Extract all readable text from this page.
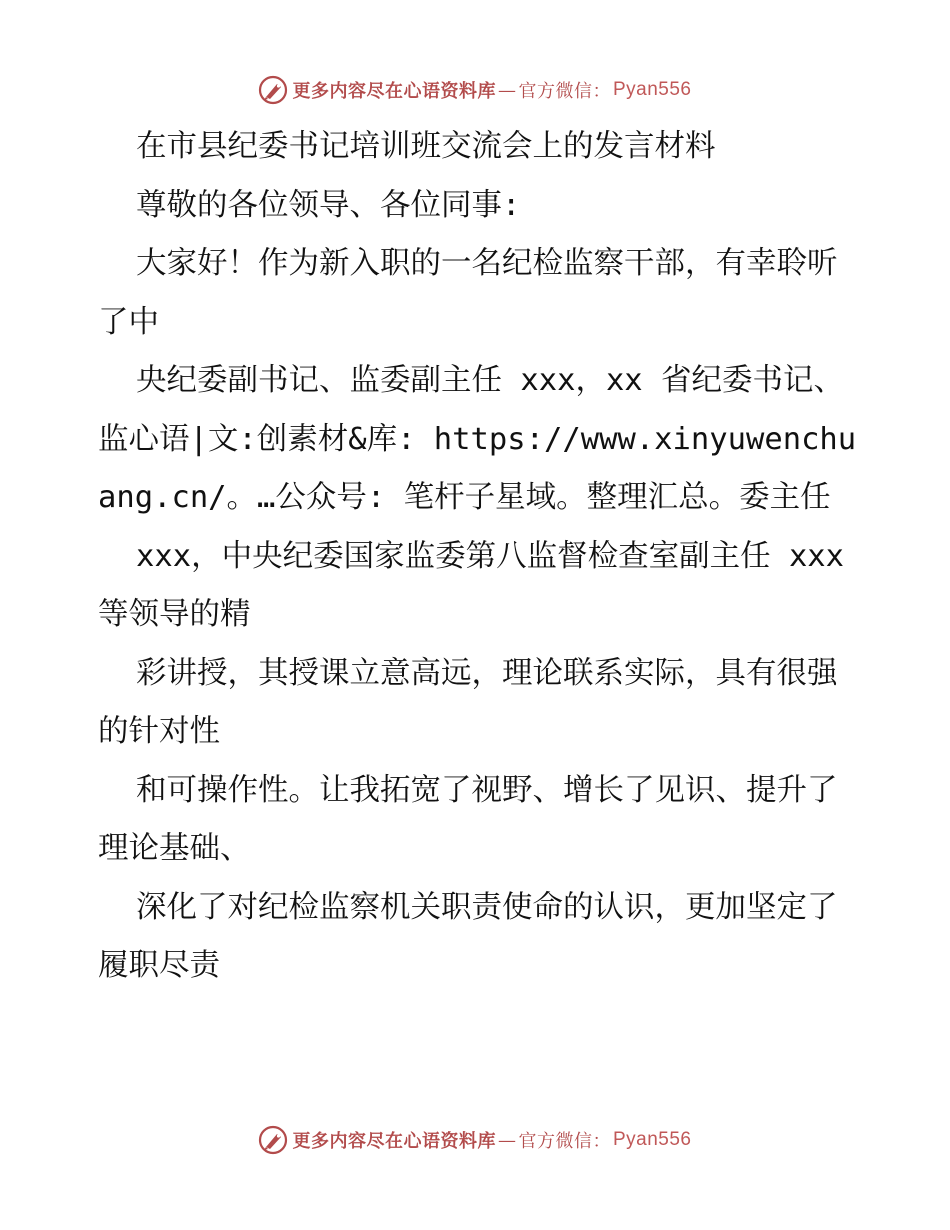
更多内容尽在心语资料库 — 官方微信： Pyan556

在市县纪委书记培训班交流会上的发言材料

尊敬的各位领导、各位同事:

大家好！作为新入职的一名纪检监察干部，有幸聆听了中

央纪委副书记、监委副主任 xxx，xx 省纪委书记、监心语|文:创素材&库: https://www.xinyuwenchuang.cn/。…公众号: 笔杆子星域。整理汇总。委主任

xxx，中央纪委国家监委第八监督检查室副主任 xxx 等领导的精

彩讲授，其授课立意高远，理论联系实际，具有很强的针对性

和可操作性。让我拓宽了视野、增长了见识、提升了理论基础、

深化了对纪检监察机关职责使命的认识，更加坚定了履职尽责

更多内容尽在心语资料库 — 官方微信： Pyan556
